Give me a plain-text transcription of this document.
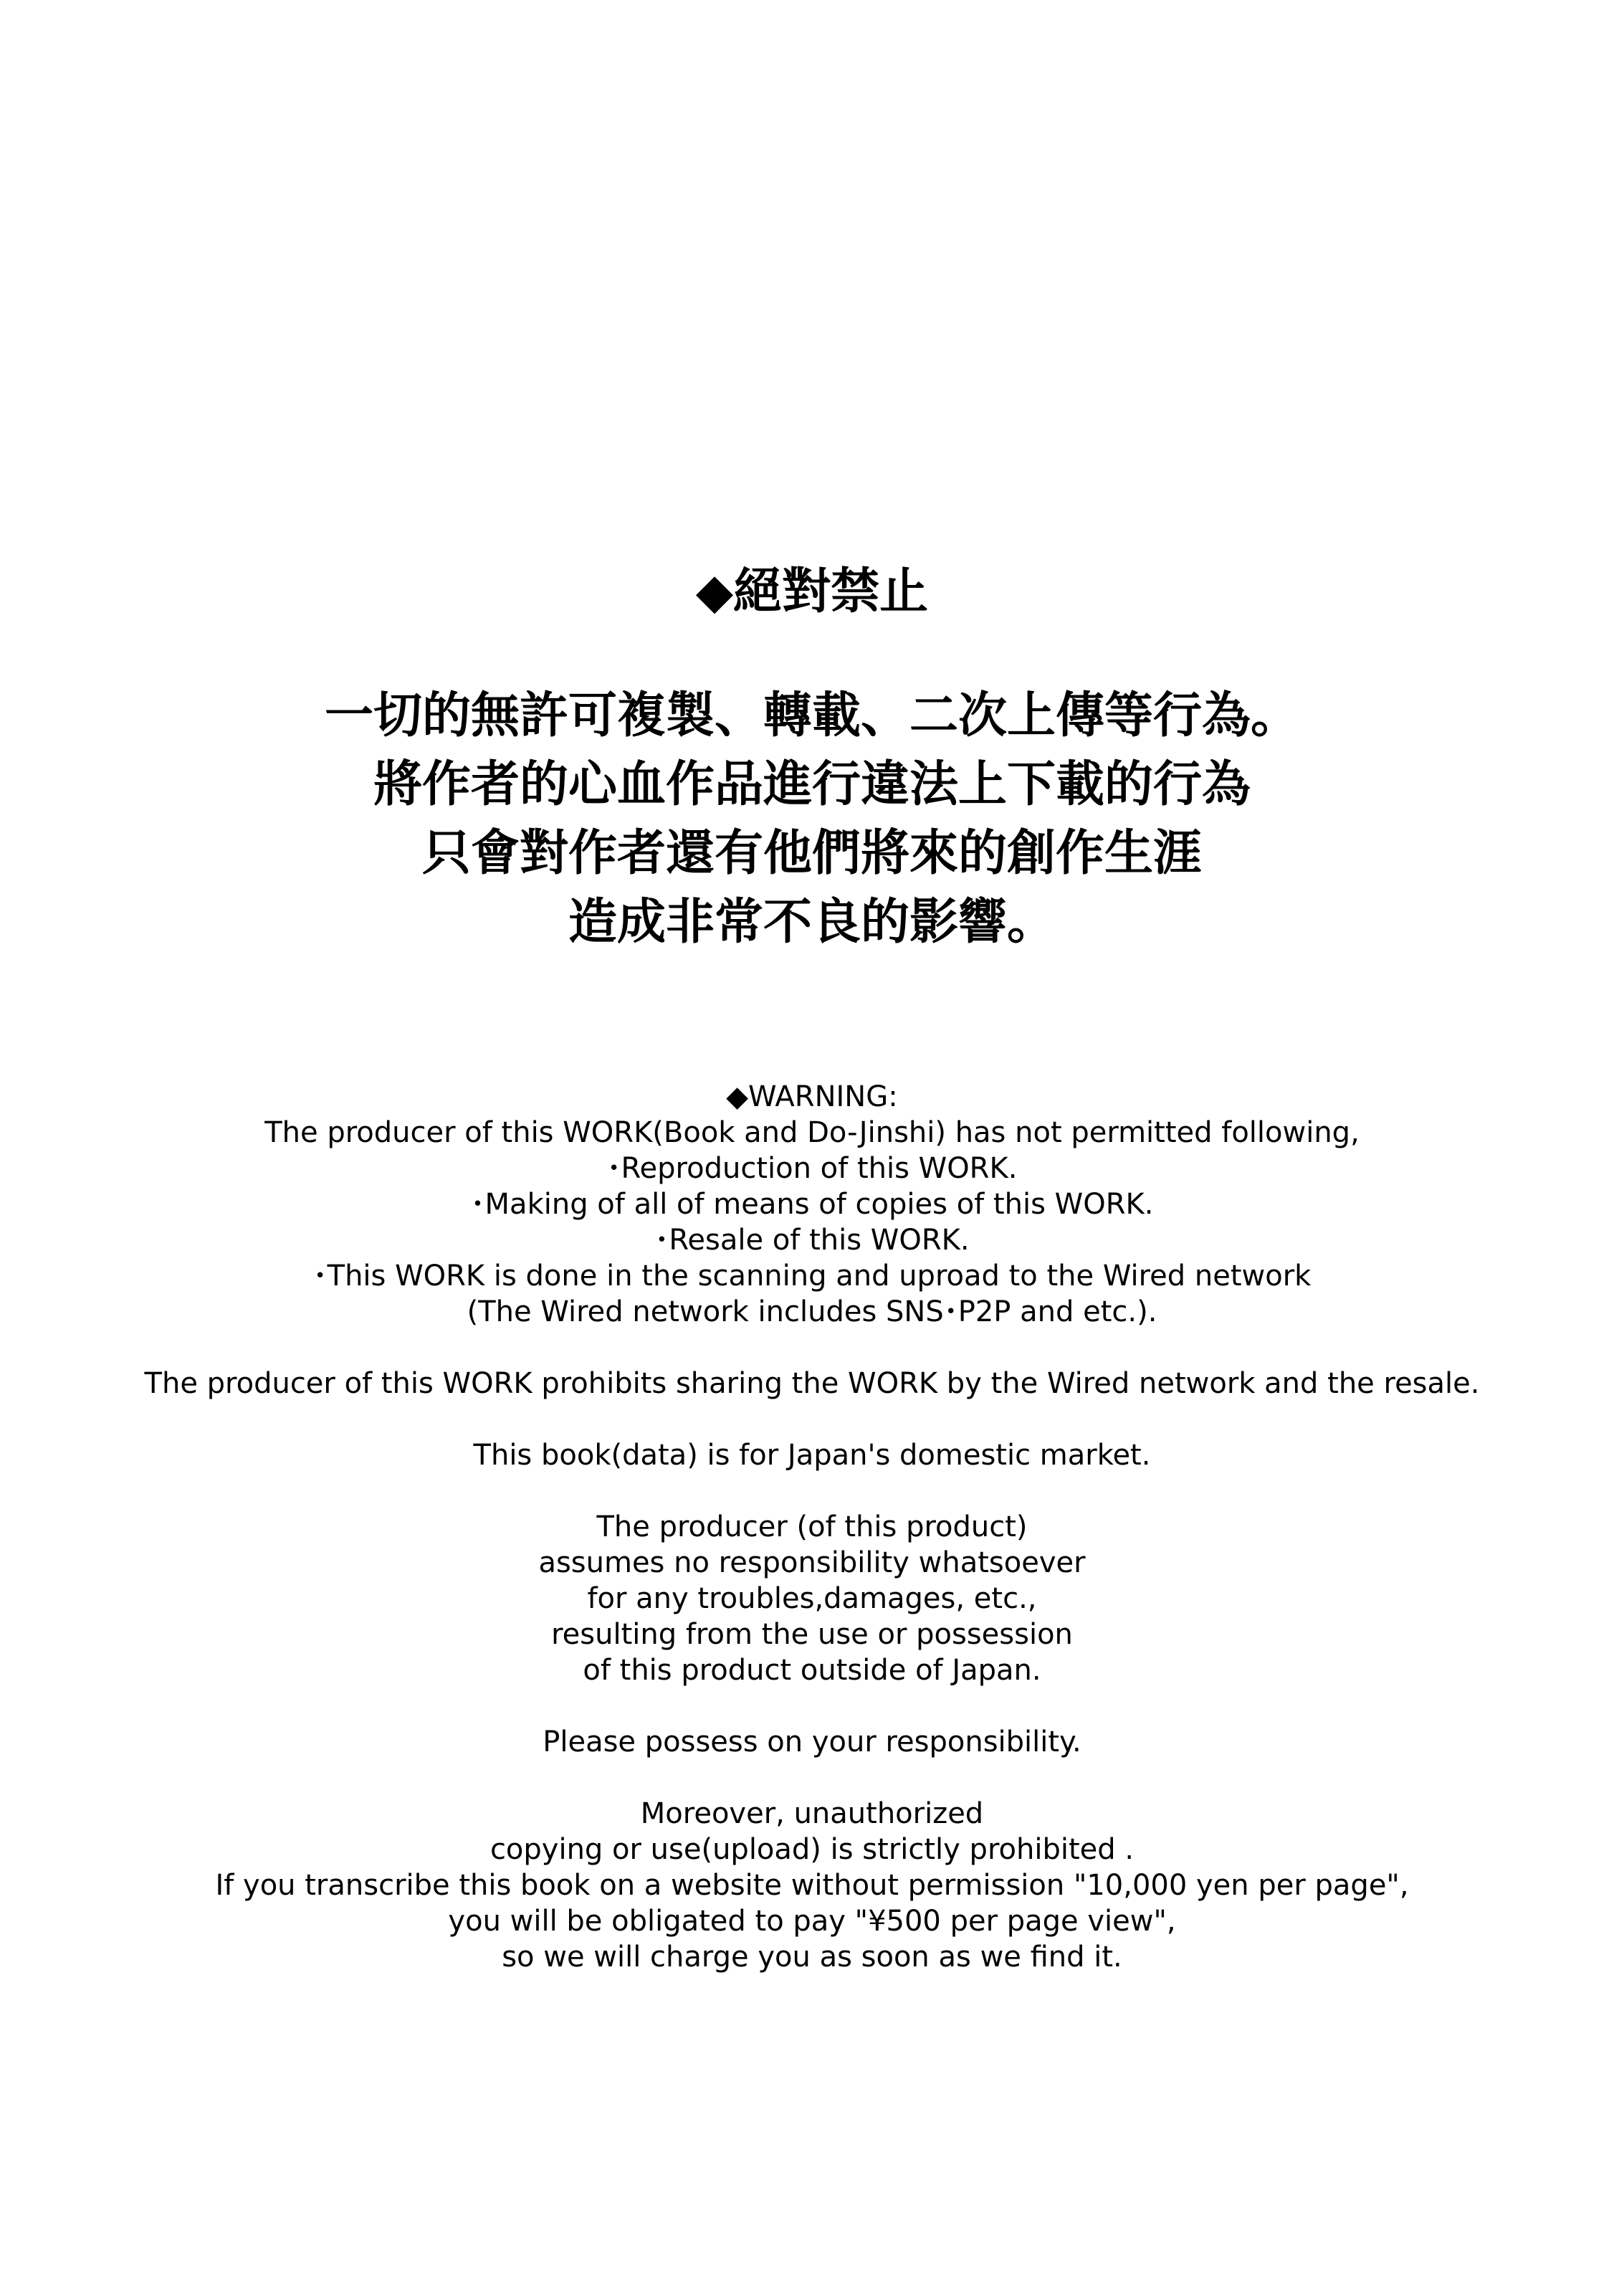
◆絕對禁止
一切的無許可複製、轉載、二次上傳等行為。
將作者的心血作品進行違法上下載的行為
只會對作者還有他們將來的創作生涯
造成非常不良的影響。
◆WARNING:
The producer of this WORK(Book and Do-Jinshi) has not permitted following,
･Reproduction of this WORK.
･Making of all of means of copies of this WORK.
･Resale of this WORK.
･This WORK is done in the scanning and uproad to the Wired network
(The Wired network includes SNS･P2P and etc.).
The producer of this WORK prohibits sharing the WORK by the Wired network and the resale.
This book(data) is for Japan's domestic market.
The producer (of this product)
assumes no responsibility whatsoever
for any troubles,damages, etc.,
resulting from the use or possession
of this product outside of Japan.
Please possess on your responsibility.
Moreover, unauthorized
copying or use(upload) is strictly prohibited .
If you transcribe this book on a website without permission "10,000 yen per page",
you will be obligated to pay "¥500 per page view",
so we will charge you as soon as we find it.
